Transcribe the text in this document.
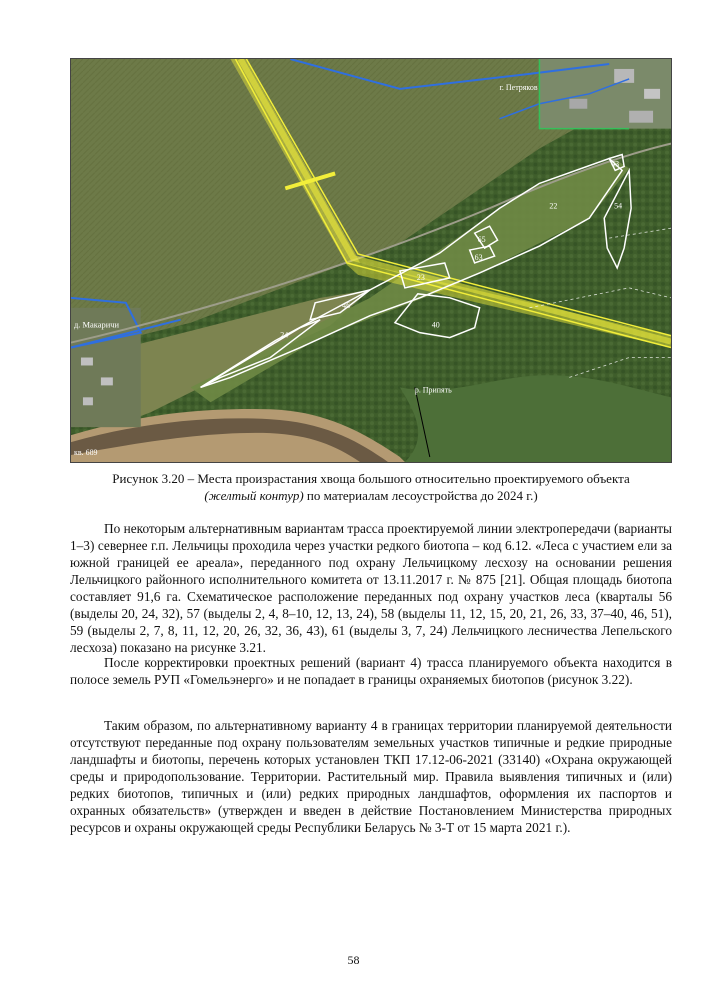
43
22	54
65
63
23
46
40
24
г. Петряков
д. Макаричи
р. Припять
кв. 689
Рисунок 3.20 – Места произрастания хвоща большого относительно проектируемого объекта
(желтый контур) по материалам лесоустройства до 2024 г.)

По некоторым альтернативным вариантам трасса проектируемой линии электропередачи (варианты 1–3) севернее г.п. Лельчицы проходила через участки редкого биотопа – код 6.12. «Леса с участием ели за южной границей ее ареала», переданного под охрану Лельчицкому лесхозу на основании решения Лельчицкого районного исполнительного комитета от 13.11.2017 г. № 875 [21]. Общая площадь биотопа составляет 91,6 га. Схематическое расположение переданных под охрану участков леса (кварталы 56 (выделы 20, 24, 32), 57 (выделы 2, 4, 8–10, 12, 13, 24), 58 (выделы 11, 12, 15, 20, 21, 26, 33, 37–40, 46, 51), 59 (выделы 2, 7, 8, 11, 12, 20, 26, 32, 36, 43), 61 (выделы 3, 7, 24) Лельчицкого лесничества Лепельского лесхоза) показано на рисунке 3.21.

После корректировки проектных решений (вариант 4) трасса планируемого объекта находится в полосе земель РУП «Гомельэнерго» и не попадает в границы охраняемых биотопов (рисунок 3.22).

Таким образом, по альтернативному варианту 4 в границах территории планируемой деятельности отсутствуют переданные под охрану пользователям земельных участков типичные и редкие природные ландшафты и биотопы, перечень которых установлен ТКП 17.12-06-2021 (33140) «Охрана окружающей среды и природопользование. Территории. Растительный мир. Правила выявления типичных и (или) редких биотопов, типичных и (или) редких природных ландшафтов, оформления их паспортов и охранных обязательств» (утвержден и введен в действие Постановлением Министерства природных ресурсов и охраны окружающей среды Республики Беларусь № 3-Т от 15 марта 2021 г.).

58
